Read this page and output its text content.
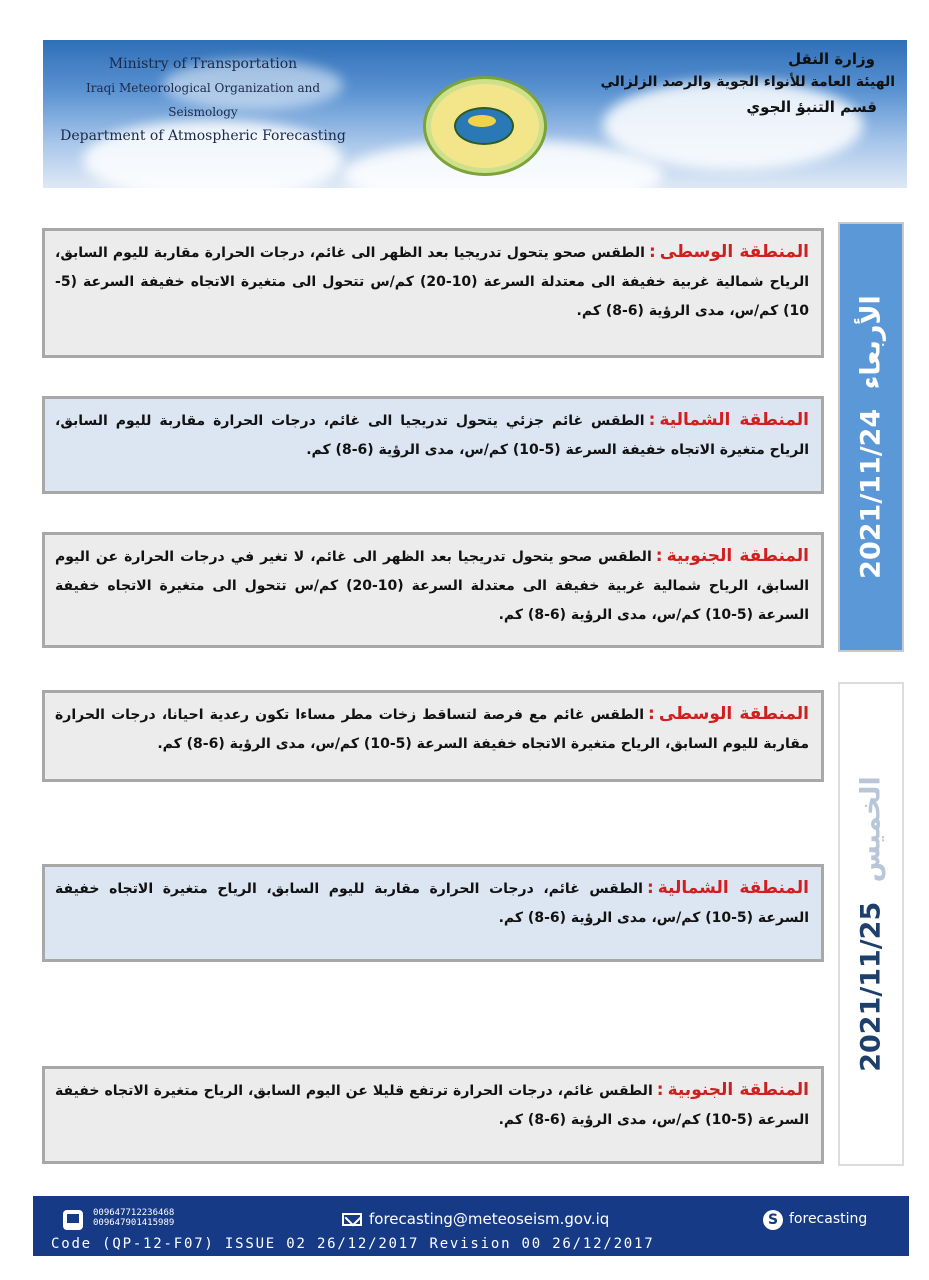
Ministry of Transportation
Iraqi Meteorological Organization and Seismology
Department of Atmospheric Forecasting
وزارة النقل
الهيئة العامة للأنواء الجوية والرصد الزلزالي
قسم التنبؤ الجوي
2021/11/24 الأربعاء
2021/11/25 الخميس
المنطقة الوسطى:الطقس صحو يتحول تدريجيا بعد الظهر الى غائم، درجات الحرارة مقاربة لليوم السابق، الرياح شمالية غربية خفيفة الى معتدلة السرعة (10-20) كم/س تتحول الى متغيرة الاتجاه خفيفة السرعة (5-10) كم/س، مدى الرؤية (6-8) كم.
المنطقة الشمالية:الطقس غائم جزئي يتحول تدريجيا الى غائم، درجات الحرارة مقاربة لليوم السابق، الرياح متغيرة الاتجاه خفيفة السرعة (5-10) كم/س، مدى الرؤية (6-8) كم.
المنطقة الجنوبية:الطقس صحو يتحول تدريجيا بعد الظهر الى غائم، لا تغير في درجات الحرارة عن اليوم السابق، الرياح شمالية غربية خفيفة الى معتدلة السرعة (10-20) كم/س تتحول الى متغيرة الاتجاه خفيفة السرعة (5-10) كم/س، مدى الرؤية (6-8) كم.
المنطقة الوسطى:الطقس غائم مع فرصة لتساقط زخات مطر مساءا تكون رعدية احيانا، درجات الحرارة مقاربة لليوم السابق، الرياح متغيرة الاتجاه خفيفة السرعة (5-10) كم/س، مدى الرؤية (6-8) كم.
المنطقة الشمالية:الطقس غائم، درجات الحرارة مقاربة لليوم السابق، الرياح متغيرة الاتجاه خفيفة السرعة (5-10) كم/س، مدى الرؤية (6-8) كم.
المنطقة الجنوبية:الطقس غائم، درجات الحرارة ترتفع قليلا عن اليوم السابق، الرياح متغيرة الاتجاه خفيفة السرعة (5-10) كم/س، مدى الرؤية (6-8) كم.
009647712236468
009647901415989	forecasting@meteoseism.gov.iq	S forecasting
Code (QP-12-F07) ISSUE 02 26/12/2017 Revision 00 26/12/2017
